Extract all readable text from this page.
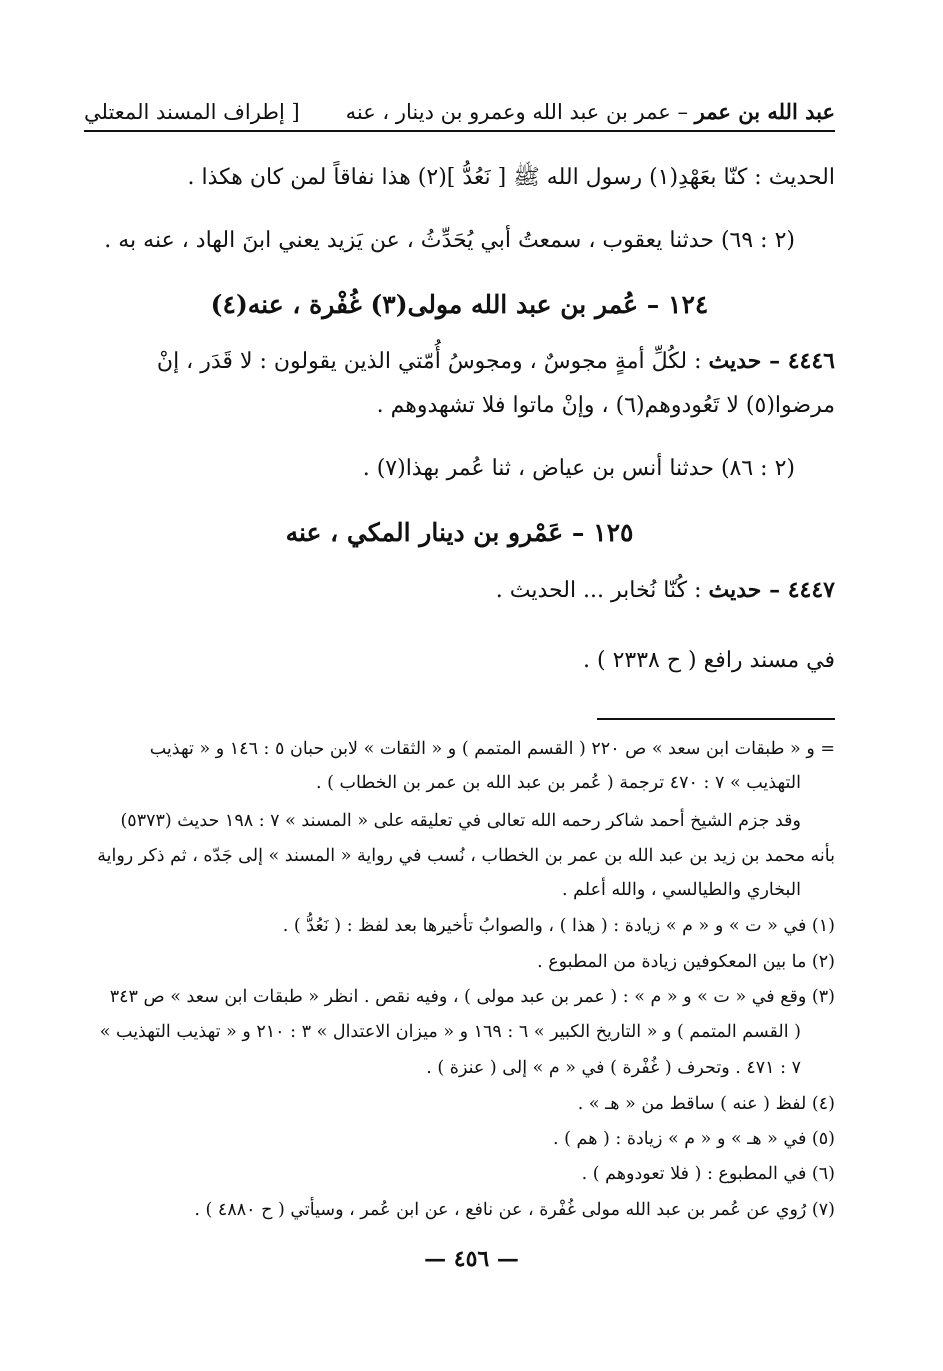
عبد الله بن عمر – عمر بن عبد الله وعمرو بن دينار ، عنه
[ إطراف المسند المعتلي
الحديث : كنّا بعَهْدِ(١) رسول الله ﷺ [ نَعُدُّ ](٢) هذا نفاقاً لمن كان هكذا .
(٢ : ٦٩) حدثنا يعقوب ، سمعتُ أبي يُحَدِّثُ ، عن يَزيد يعني ابنَ الهاد ، عنه به .
١٢٤ – عُمر بن عبد الله مولى(٣) غُفْرة ، عنه(٤)
٤٤٤٦ – حديث : لكُلِّ أمةٍ مجوسٌ ، ومجوسُ أُمّتي الذين يقولون : لا قَدَر ، إنْ
مرضوا(٥) لا تَعُودوهم(٦) ، وإنْ ماتوا فلا تشهدوهم .
(٢ : ٨٦) حدثنا أنس بن عياض ، ثنا عُمر بهذا(٧) .
١٢٥ – عَمْرو بن دينار المكي ، عنه
٤٤٤٧ – حديث : كُنّا نُخابر ... الحديث .
في مسند رافع ( ح ٢٣٣٨ ) .
= و « طبقات ابن سعد » ص ٢٢٠ ( القسم المتمم ) و « الثقات » لابن حبان ٥ : ١٤٦ و « تهذيب
التهذيب » ٧ : ٤٧٠ ترجمة ( عُمر بن عبد الله بن عمر بن الخطاب ) .
وقد جزم الشيخ أحمد شاكر رحمه الله تعالى في تعليقه على « المسند » ٧ : ١٩٨ حديث (٥٣٧٣)
بأنه محمد بن زيد بن عبد الله بن عمر بن الخطاب ، نُسب في رواية « المسند » إلى جَدّه ، ثم ذكر رواية
البخاري والطيالسي ، والله أعلم .
(١) في « ت » و « م » زيادة : ( هذا ) ، والصوابُ تأخيرها بعد لفظ : ( نَعُدُّ ) .
(٢) ما بين المعكوفين زيادة من المطبوع .
(٣) وقع في « ت » و « م » : ( عمر بن عبد مولى ) ، وفيه نقص . انظر « طبقات ابن سعد » ص ٣٤٣
( القسم المتمم ) و « التاريخ الكبير » ٦ : ١٦٩ و « ميزان الاعتدال » ٣ : ٢١٠ و « تهذيب التهذيب »
٧ : ٤٧١ . وتحرف ( غُفْرة ) في « م » إلى ( عنزة ) .
(٤) لفظ ( عنه ) ساقط من « هـ » .
(٥) في « هـ » و « م » زيادة : ( هم ) .
(٦) في المطبوع : ( فلا تعودوهم ) .
(٧) رُوي عن عُمر بن عبد الله مولى غُفْرة ، عن نافع ، عن ابن عُمر ، وسيأتي ( ح ٤٨٨٠ ) .
— ٤٥٦ —
